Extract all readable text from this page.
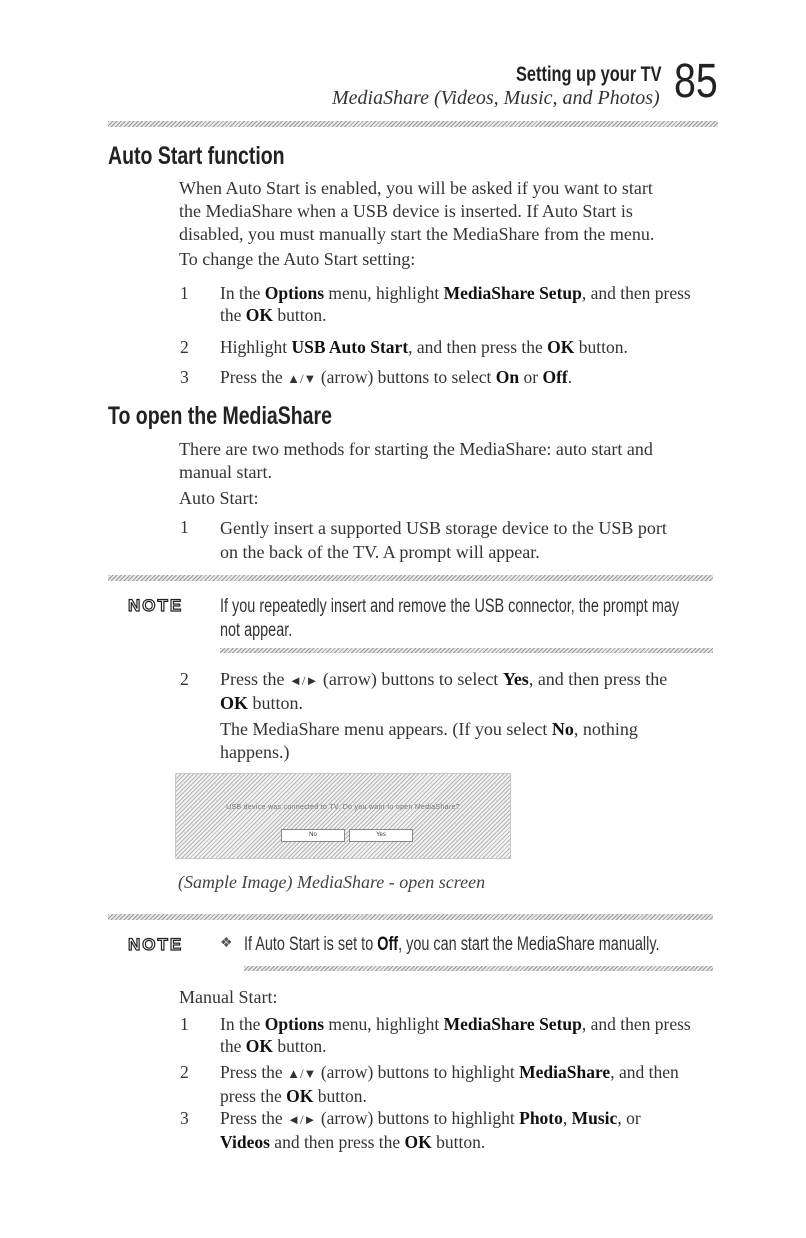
Setting up your TV
MediaShare (Videos, Music, and Photos) 85
Auto Start function
When Auto Start is enabled, you will be asked if you want to start
the MediaShare when a USB device is inserted. If Auto Start is
disabled, you must manually start the MediaShare from the menu.
To change the Auto Start setting:
1 In the Options menu, highlight MediaShare Setup, and then press
the OK button.
2 Highlight USB Auto Start, and then press the OK button.
3 Press the ▲/▼ (arrow) buttons to select On or Off.
To open the MediaShare
There are two methods for starting the MediaShare: auto start and
manual start.
Auto Start:
1 Gently insert a supported USB storage device to the USB port
on the back of the TV. A prompt will appear.
NOTE If you repeatedly insert and remove the USB connector, the prompt may
not appear.
2 Press the ◄/► (arrow) buttons to select Yes, and then press the
OK button.

The MediaShare menu appears. (If you select No, nothing
happens.)
USB device was connected to TV. Do you want to open MediaShare?
No	Yes
(Sample Image) MediaShare - open screen
NOTE	❖ If Auto Start is set to Off, you can start the MediaShare manually.
Manual Start:
1 In the Options menu, highlight MediaShare Setup, and then press
the OK button.
2 Press the ▲/▼ (arrow) buttons to highlight MediaShare, and then
press the OK button.
3 Press the ◄/► (arrow) buttons to highlight Photo, Music, or
Videos and then press the OK button.
